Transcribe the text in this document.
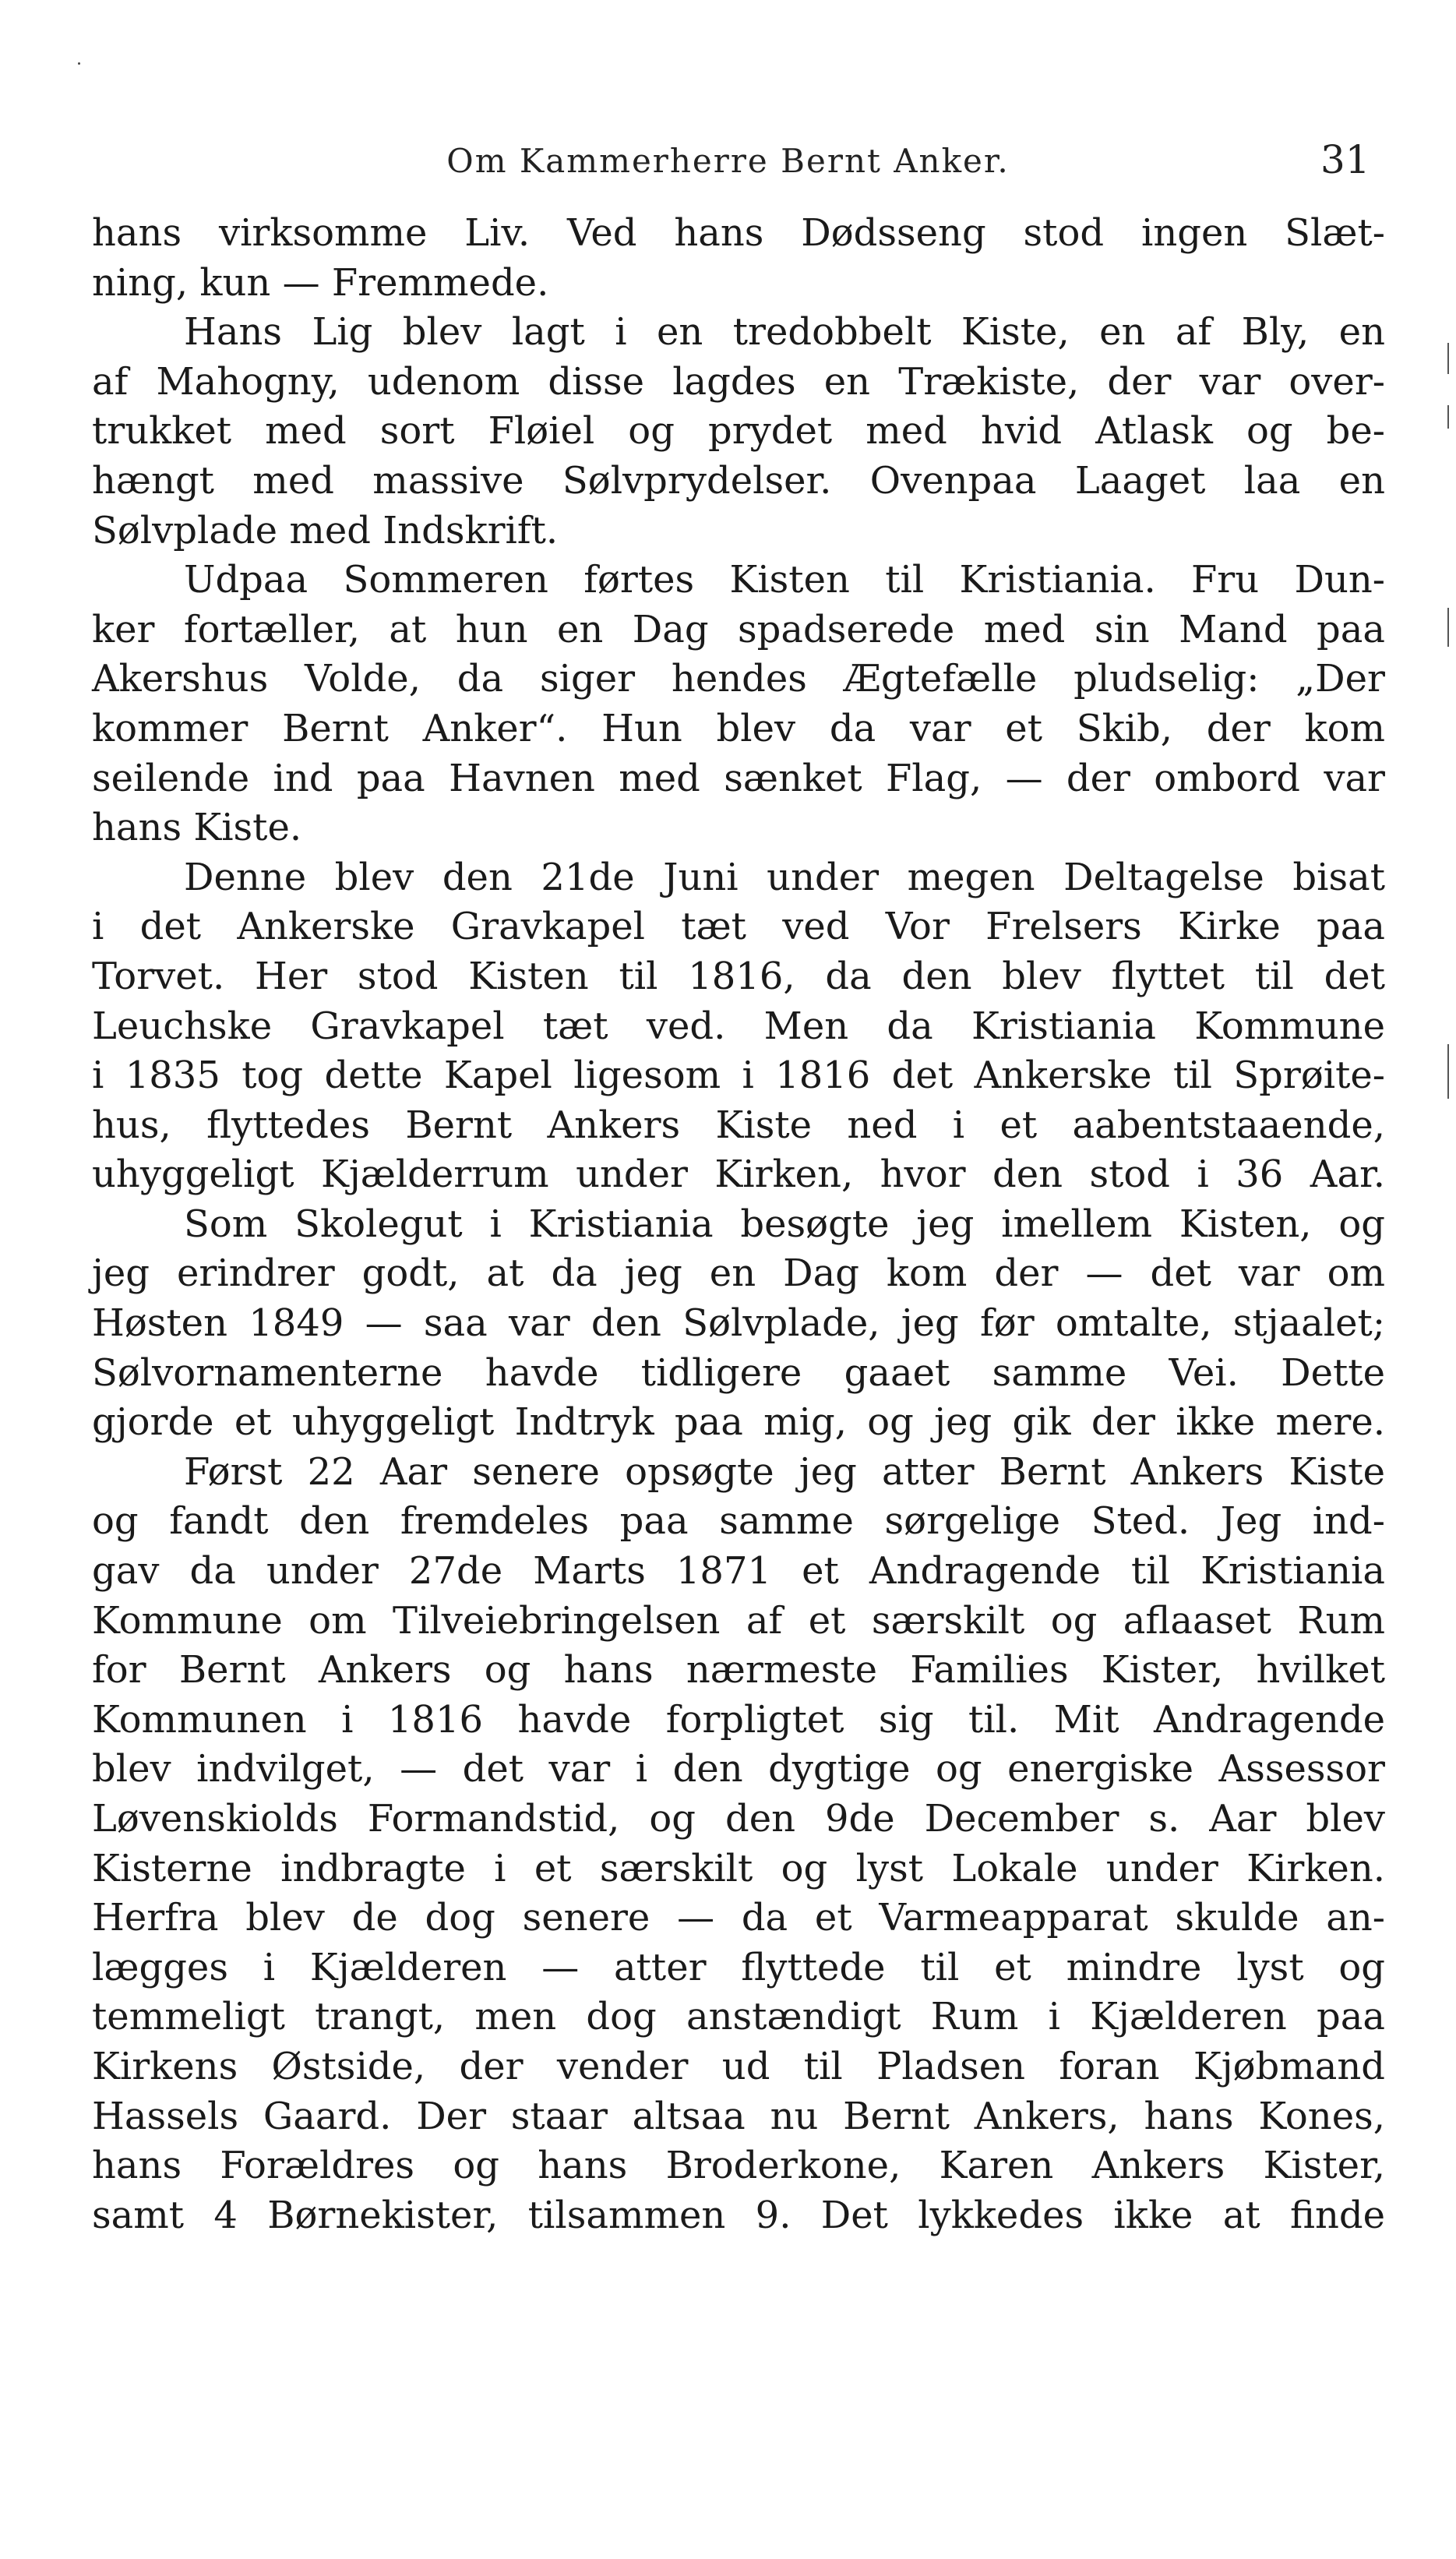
Om Kammerherre Bernt Anker.	31
hans virksomme Liv. Ved hans Dødsseng stod ingen Slæt-
ning, kun — Fremmede.
Hans Lig blev lagt i en tredobbelt Kiste, en af Bly, en
af Mahogny, udenom disse lagdes en Trækiste, der var over-
trukket med sort Fløiel og prydet med hvid Atlask og be-
hængt med massive Sølvprydelser. Ovenpaa Laaget laa en
Sølvplade med Indskrift.
Udpaa Sommeren førtes Kisten til Kristiania. Fru Dun-
ker fortæller, at hun en Dag spadserede med sin Mand paa
Akershus Volde, da siger hendes Ægtefælle pludselig: „Der
kommer Bernt Anker“. Hun blev da var et Skib, der kom
seilende ind paa Havnen med sænket Flag, — der ombord var
hans Kiste.
Denne blev den 21de Juni under megen Deltagelse bisat
i det Ankerske Gravkapel tæt ved Vor Frelsers Kirke paa
Torvet. Her stod Kisten til 1816, da den blev flyttet til det
Leuchske Gravkapel tæt ved. Men da Kristiania Kommune
i 1835 tog dette Kapel ligesom i 1816 det Ankerske til Sprøite-
hus, flyttedes Bernt Ankers Kiste ned i et aabentstaaende,
uhyggeligt Kjælderrum under Kirken, hvor den stod i 36 Aar.
Som Skolegut i Kristiania besøgte jeg imellem Kisten, og
jeg erindrer godt, at da jeg en Dag kom der — det var om
Høsten 1849 — saa var den Sølvplade, jeg før omtalte, stjaalet;
Sølvornamenterne havde tidligere gaaet samme Vei. Dette
gjorde et uhyggeligt Indtryk paa mig, og jeg gik der ikke mere.
Først 22 Aar senere opsøgte jeg atter Bernt Ankers Kiste
og fandt den fremdeles paa samme sørgelige Sted. Jeg ind-
gav da under 27de Marts 1871 et Andragende til Kristiania
Kommune om Tilveiebringelsen af et særskilt og aflaaset Rum
for Bernt Ankers og hans nærmeste Families Kister, hvilket
Kommunen i 1816 havde forpligtet sig til. Mit Andragende
blev indvilget, — det var i den dygtige og energiske Assessor
Løvenskiolds Formandstid, og den 9de December s. Aar blev
Kisterne indbragte i et særskilt og lyst Lokale under Kirken.
Herfra blev de dog senere — da et Varmeapparat skulde an-
lægges i Kjælderen — atter flyttede til et mindre lyst og
temmeligt trangt, men dog anstændigt Rum i Kjælderen paa
Kirkens Østside, der vender ud til Pladsen foran Kjøbmand
Hassels Gaard. Der staar altsaa nu Bernt Ankers, hans Kones,
hans Forældres og hans Broderkone, Karen Ankers Kister,
samt 4 Børnekister, tilsammen 9. Det lykkedes ikke at finde
